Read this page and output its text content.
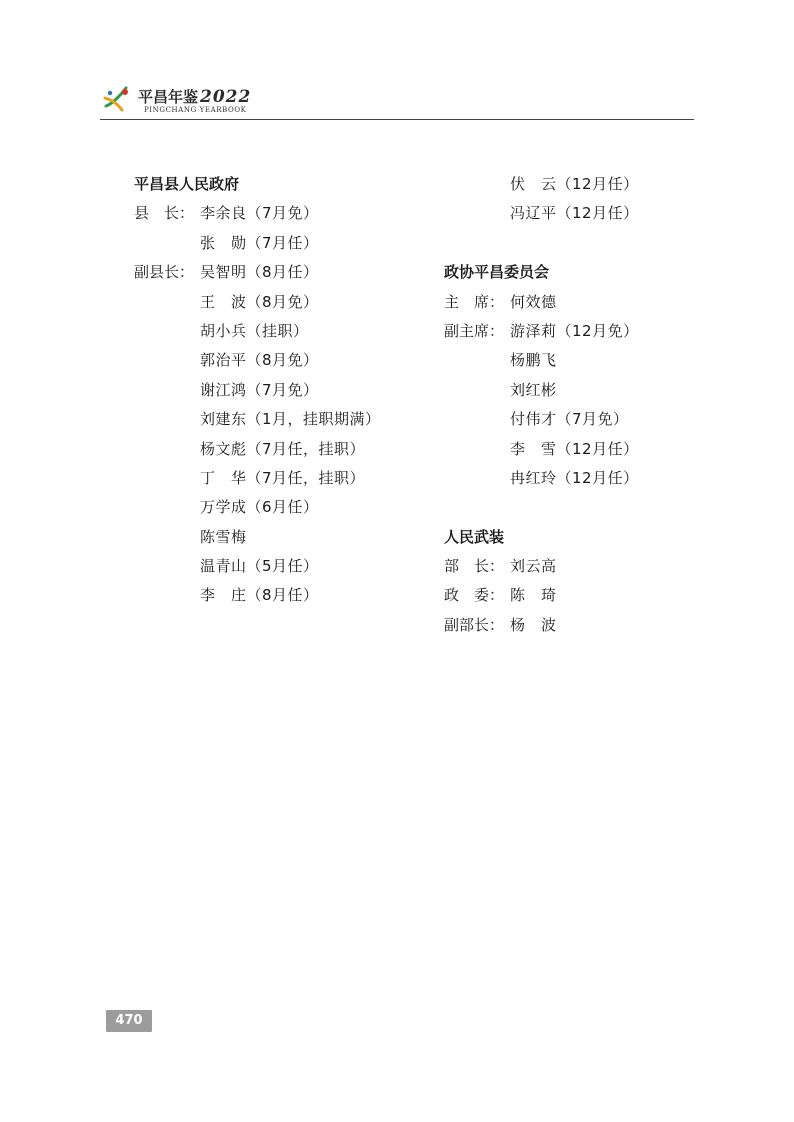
平昌年鉴 2022
PINGCHANG YEARBOOK
平昌县人民政府
县　长： 李余良（7月免）
张　勋（7月任）
副县长： 吴智明（8月任）
王　波（8月免）
胡小兵（挂职）
郭治平（8月免）
谢江鸿（7月免）
刘建东（1月，挂职期满）
杨文彪（7月任，挂职）
丁　华（7月任，挂职）
万学成（6月任）
陈雪梅
温青山（5月任）
李　庄（8月任）
伏　云（12月任）
冯辽平（12月任）
政协平昌委员会
主　席： 何效德
副主席： 游泽莉（12月免）
杨鹏飞
刘红彬
付伟才（7月免）
李　雪（12月任）
冉红玲（12月任）
人民武装
部　长： 刘云高
政　委： 陈　琦
副部长： 杨　波
470
